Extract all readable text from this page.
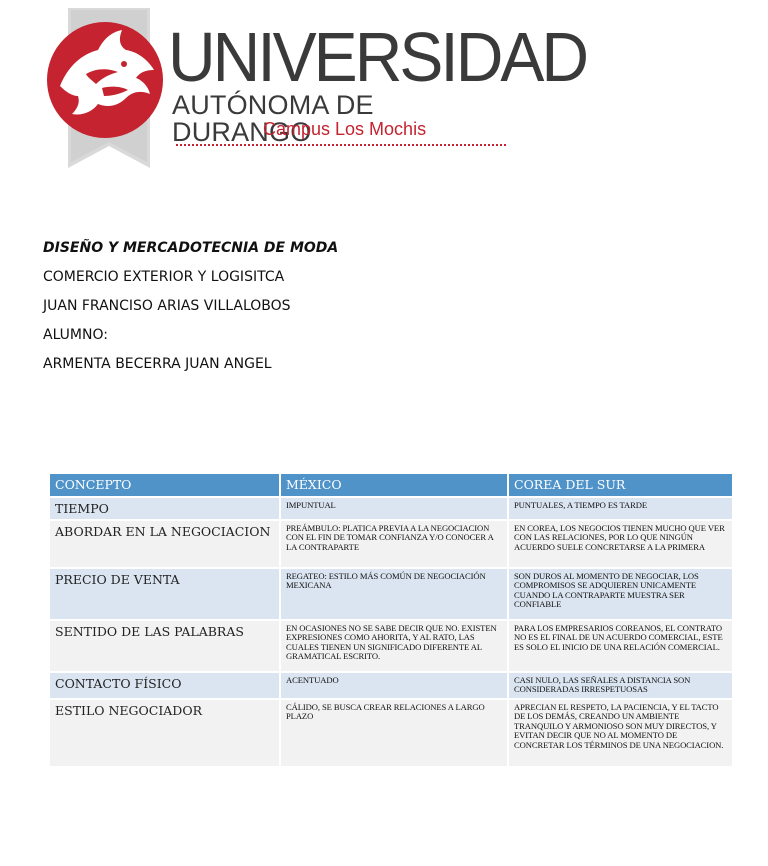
UNIVERSIDAD
AUTÓNOMA DE DURANGO
Campus Los Mochis
DISEÑO Y MERCADOTECNIA DE MODA
COMERCIO EXTERIOR Y LOGISITCA
JUAN FRANCISO ARIAS VILLALOBOS
ALUMNO:
ARMENTA BECERRA JUAN ANGEL
CONCEPTO	MÉXICO	COREA DEL SUR
TIEMPO	IMPUNTUAL	PUNTUALES, A TIEMPO ES TARDE
ABORDAR EN LA NEGOCIACION	PREÁMBULO: PLATICA PREVIA A LA NEGOCIACION CON EL FIN DE TOMAR CONFIANZA Y/O CONOCER A LA CONTRAPARTE	EN COREA, LOS NEGOCIOS TIENEN MUCHO QUE VER CON LAS RELACIONES, POR LO QUE NINGÚN ACUERDO SUELE CONCRETARSE A LA PRIMERA
PRECIO DE VENTA	REGATEO: ESTILO MÁS COMÚN DE NEGOCIACIÓN MEXICANA	SON DUROS AL MOMENTO DE NEGOCIAR, LOS COMPROMISOS SE ADQUIEREN UNICAMENTE CUANDO LA CONTRAPARTE MUESTRA SER CONFIABLE
SENTIDO DE LAS PALABRAS	EN OCASIONES NO SE SABE DECIR QUE NO. EXISTEN EXPRESIONES COMO AHORITA, Y AL RATO, LAS CUALES TIENEN UN SIGNIFICADO DIFERENTE AL GRAMATICAL ESCRITO.	PARA LOS EMPRESARIOS COREANOS, EL CONTRATO NO ES EL FINAL DE UN ACUERDO COMERCIAL, ESTE ES SOLO EL INICIO DE UNA RELACIÓN COMERCIAL.
CONTACTO FÍSICO	ACENTUADO	CASI NULO, LAS SEÑALES A DISTANCIA SON CONSIDERADAS IRRESPETUOSAS
ESTILO NEGOCIADOR	CÁLIDO, SE BUSCA CREAR RELACIONES A LARGO PLAZO	APRECIAN EL RESPETO, LA PACIENCIA, Y EL TACTO DE LOS DEMÁS, CREANDO UN AMBIENTE TRANQUILO Y ARMONIOSO SON MUY DIRECTOS, Y EVITAN DECIR QUE NO AL MOMENTO DE CONCRETAR LOS TÉRMINOS DE UNA NEGOCIACION.
